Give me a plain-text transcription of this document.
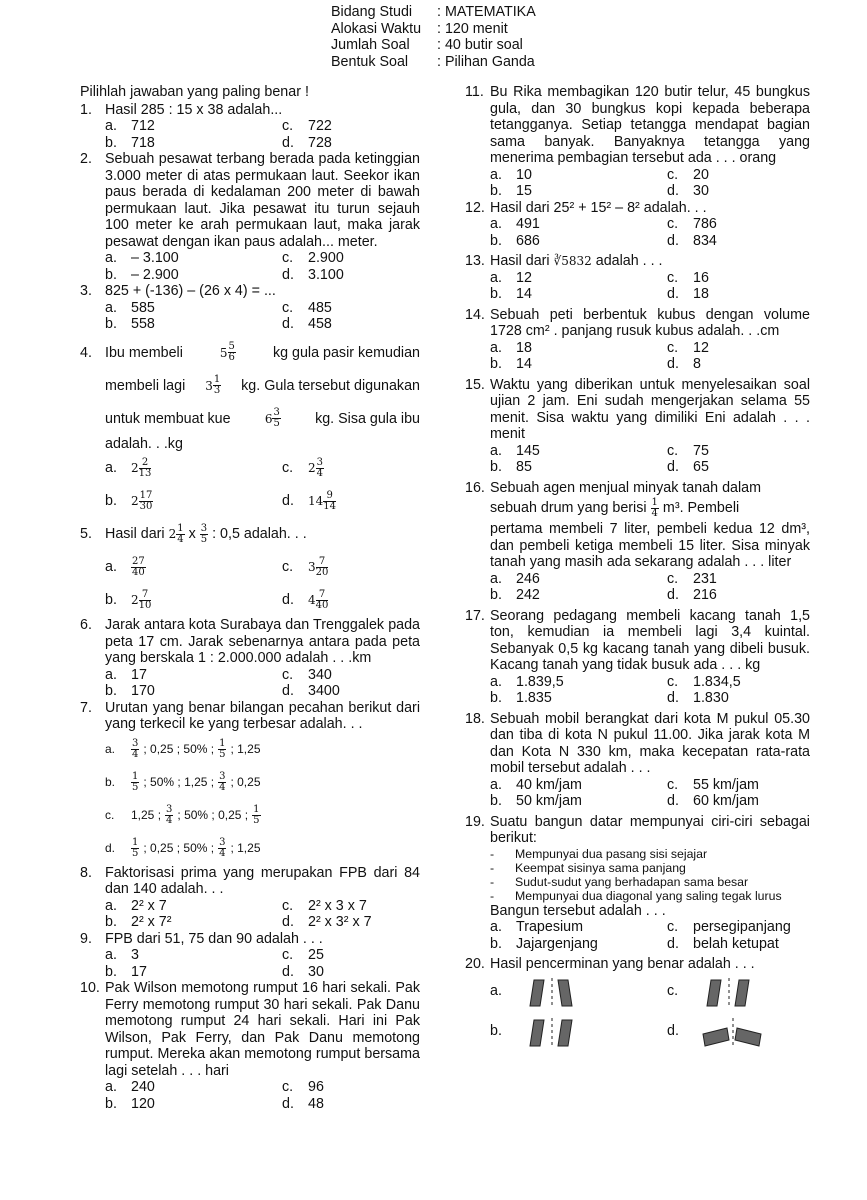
Bidang Studi	: MATEMATIKA
Alokasi Waktu	: 120 menit
Jumlah Soal	: 40 butir soal
Bentuk Soal	: Pilihan Ganda
Pilihlah jawaban yang paling benar !
1. Hasil 285 : 15 x 38 adalah...
a. 712	c.	722
b. 718	d. 728
2. Sebuah pesawat terbang berada pada ketinggian 3.000 meter di atas permukaan laut. Seekor ikan paus berada di kedalaman 200 meter di bawah permukaan laut. Jika pesawat itu turun sejauh 100 meter ke arah permukaan laut, maka jarak pesawat dengan ikan paus adalah... meter.
a. – 3.100	c.	2.900
b. – 2.900	d. 3.100
3. 825 + (-136) – (26 x 4) = ...
a. 585	c.	485
b. 558	d. 458
4. Ibu membeli	$5 \frac{5}{6}$	kg gula pasir kemudian
membeli lagi $3 \frac{1}{3}$ kg. Gula tersebut digunakan
untuk membuat kue	$6 \frac{3}{5}$ kg. Sisa gula ibu
adalah. . .kg
a.	$2 \frac{2}{13}$	c.	$2 \frac{3}{4}$
b.	$2 \frac{17}{30}$	d.	$14 \frac{9}{14}$
5. Hasil dari $2 \frac{1}{4}$ x $\frac{3}{5}$ : 0,5 adalah. . .
a.	$\frac{27}{40}$	c.	$3 \frac{7}{20}$
b.	$2 \frac{7}{10}$	d.	$4 \frac{7}{40}$
6. Jarak antara kota Surabaya dan Trenggalek pada peta 17 cm. Jarak sebenarnya antara pada peta yang berskala 1 : 2.000.000 adalah . . .km
a. 17	c.	340
b. 170	d. 3400
7. Urutan yang benar bilangan pecahan berikut dari yang terkecil ke yang terbesar adalah. . .
a.	$\frac{3}{4}$ ; 0,25 ; 50% ; $\frac{1}{5}$ ; 1,25
b.	$\frac{1}{5}$ ; 50% ; 1,25 ; $\frac{3}{4}$ ; 0,25
c.	1,25 ; $\frac{3}{4}$ ; 50% ; 0,25 ; $\frac{1}{5}$
d.	$\frac{1}{5}$ ; 0,25 ; 50% ; $\frac{3}{4}$ ; 1,25
8. Faktorisasi prima yang merupakan FPB dari 84 dan 140 adalah. . .
a. 2² x 7	c.	2² x 3 x 7
b. 2² x 7²	d. 2² x 3² x 7
9. FPB dari 51, 75 dan 90 adalah . . .
a. 3	c.	25
b. 17	d. 30
10. Pak Wilson memotong rumput 16 hari sekali. Pak Ferry memotong rumput 30 hari sekali. Pak Danu memotong rumput 24 hari sekali. Hari ini Pak Wilson, Pak Ferry, dan Pak Danu memotong rumput. Mereka akan memotong rumput bersama lagi setelah . . . hari
a. 240	c.	96
b. 120	d. 48
11. Bu Rika membagikan 120 butir telur, 45 bungkus gula, dan 30 bungkus kopi kepada beberapa tetangganya. Setiap tetangga mendapat bagian sama banyak. Banyaknya tetangga yang menerima pembagian tersebut ada . . . orang
a. 10	c.	20
b. 15	d. 30
12. Hasil dari 25² + 15² – 8² adalah. . .
a. 491	c.	786
b. 686	d. 834
13. Hasil dari ∛5832 adalah . . .
a. 12	c.	16
b. 14	d. 18
14. Sebuah peti berbentuk kubus dengan volume 1728 cm² . panjang rusuk kubus adalah. . .cm
a. 18	c.	12
b. 14	d. 8
15. Waktu yang diberikan untuk menyelesaikan soal ujian 2 jam. Eni sudah mengerjakan selama 55 menit. Sisa waktu yang dimiliki Eni adalah . . . menit
a. 145	c.	75
b. 85	d. 65
16. Sebuah agen menjual minyak tanah dalam
sebuah drum yang berisi $\frac{1}{4} m^3$. Pembeli
pertama membeli 7 liter, pembeli kedua 12 dm³, dan pembeli ketiga membeli 15 liter. Sisa minyak tanah yang masih ada sekarang adalah . . . liter
a. 246	c.	231
b. 242	d. 216
17. Seorang pedagang membeli kacang tanah 1,5 ton, kemudian ia membeli lagi 3,4 kuintal. Sebanyak 0,5 kg kacang tanah yang dibeli busuk. Kacang tanah yang tidak busuk ada . . . kg
a. 1.839,5	c.	1.834,5
b. 1.835	d. 1.830
18. Sebuah mobil berangkat dari kota M pukul 05.30 dan tiba di kota N pukul 11.00. Jika jarak kota M dan Kota N 330 km, maka kecepatan rata-rata mobil tersebut adalah . . .
a. 40 km/jam	c.	55 km/jam
b. 50 km/jam	d. 60 km/jam
19. Suatu bangun datar mempunyai ciri-ciri sebagai berikut:
-	Mempunyai dua pasang sisi sejajar
-	Keempat sisinya sama panjang
-	Sudut-sudut yang berhadapan sama besar
-	Mempunyai dua diagonal yang saling tegak lurus
Bangun tersebut adalah . . .
a. Trapesium	c.	persegipanjang
b. Jajargenjang	d. belah ketupat
20. Hasil pencerminan yang benar adalah . . .
a.	c.
b.	d.
